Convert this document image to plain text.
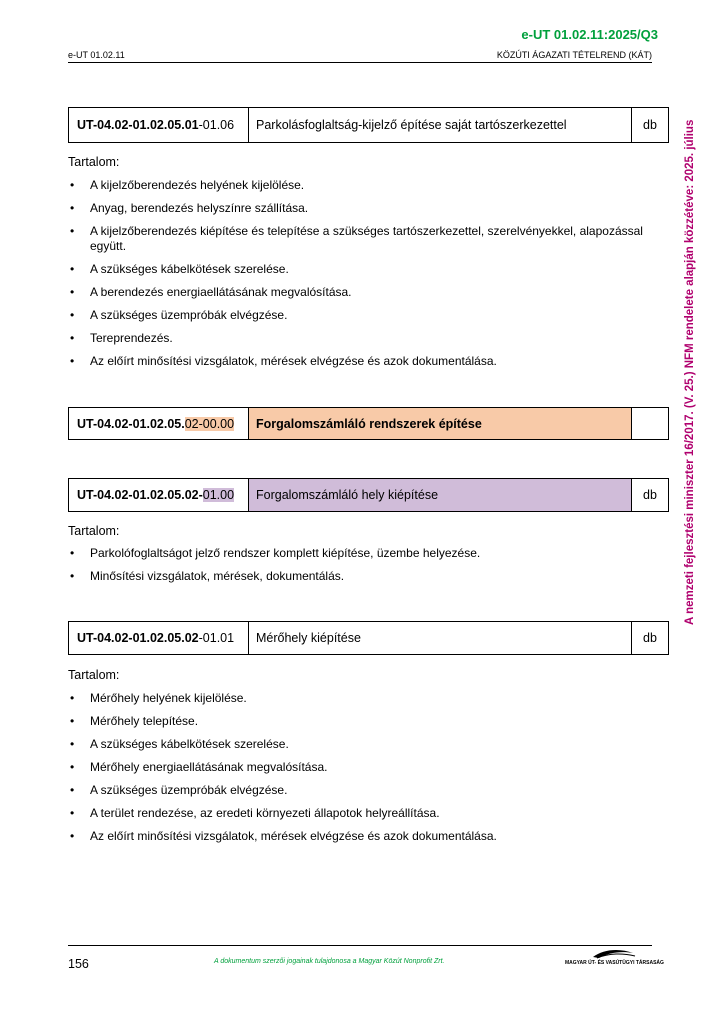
e-UT 01.02.11:2025/Q3
e-UT 01.02.11	KÖZÚTI ÁGAZATI TÉTELREND (KÁT)
A nemzeti fejlesztési miniszter 16/2017. (V. 25.) NFM rendelete alapján közzétéve: 2025. július
UT-04.02-01.02.05.01 -01.06	Parkolásfoglaltság-kijelző építése saját tartószerkezettel	db
Tartalom:
• A kijelzőberendezés helyének kijelölése.
• Anyag, berendezés helyszínre szállítása.
• A kijelzőberendezés kiépítése és telepítése a szükséges tartószerkezettel, szerelvényekkel, alapozással együtt.
• A szükséges kábelkötések szerelése.
• A berendezés energiaellátásának megvalósítása.
• A szükséges üzempróbák elvégzése.
• Tereprendezés.
• Az előírt minősítési vizsgálatok, mérések elvégzése és azok dokumentálása.
UT-04.02-01.02.05. 02-00.00	Forgalomszámláló rendszerek építése
UT-04.02-01.02.05.02- 01.00	Forgalomszámláló hely kiépítése	db
Tartalom:
• Parkolófoglaltságot jelző rendszer komplett kiépítése, üzembe helyezése.
• Minősítési vizsgálatok, mérések, dokumentálás.
UT-04.02-01.02.05.02 -01.01	Mérőhely kiépítése	db
Tartalom:
• Mérőhely helyének kijelölése.
• Mérőhely telepítése.
• A szükséges kábelkötések szerelése.
• Mérőhely energiaellátásának megvalósítása.
• A szükséges üzempróbák elvégzése.
• A terület rendezése, az eredeti környezeti állapotok helyreállítása.
• Az előírt minősítési vizsgálatok, mérések elvégzése és azok dokumentálása.
156	A dokumentum szerzői jogainak tulajdonosa a Magyar Közút Nonprofit Zrt.	MAGYAR ÚT- ÉS VASÚTÜGYI TÁRSASÁG
